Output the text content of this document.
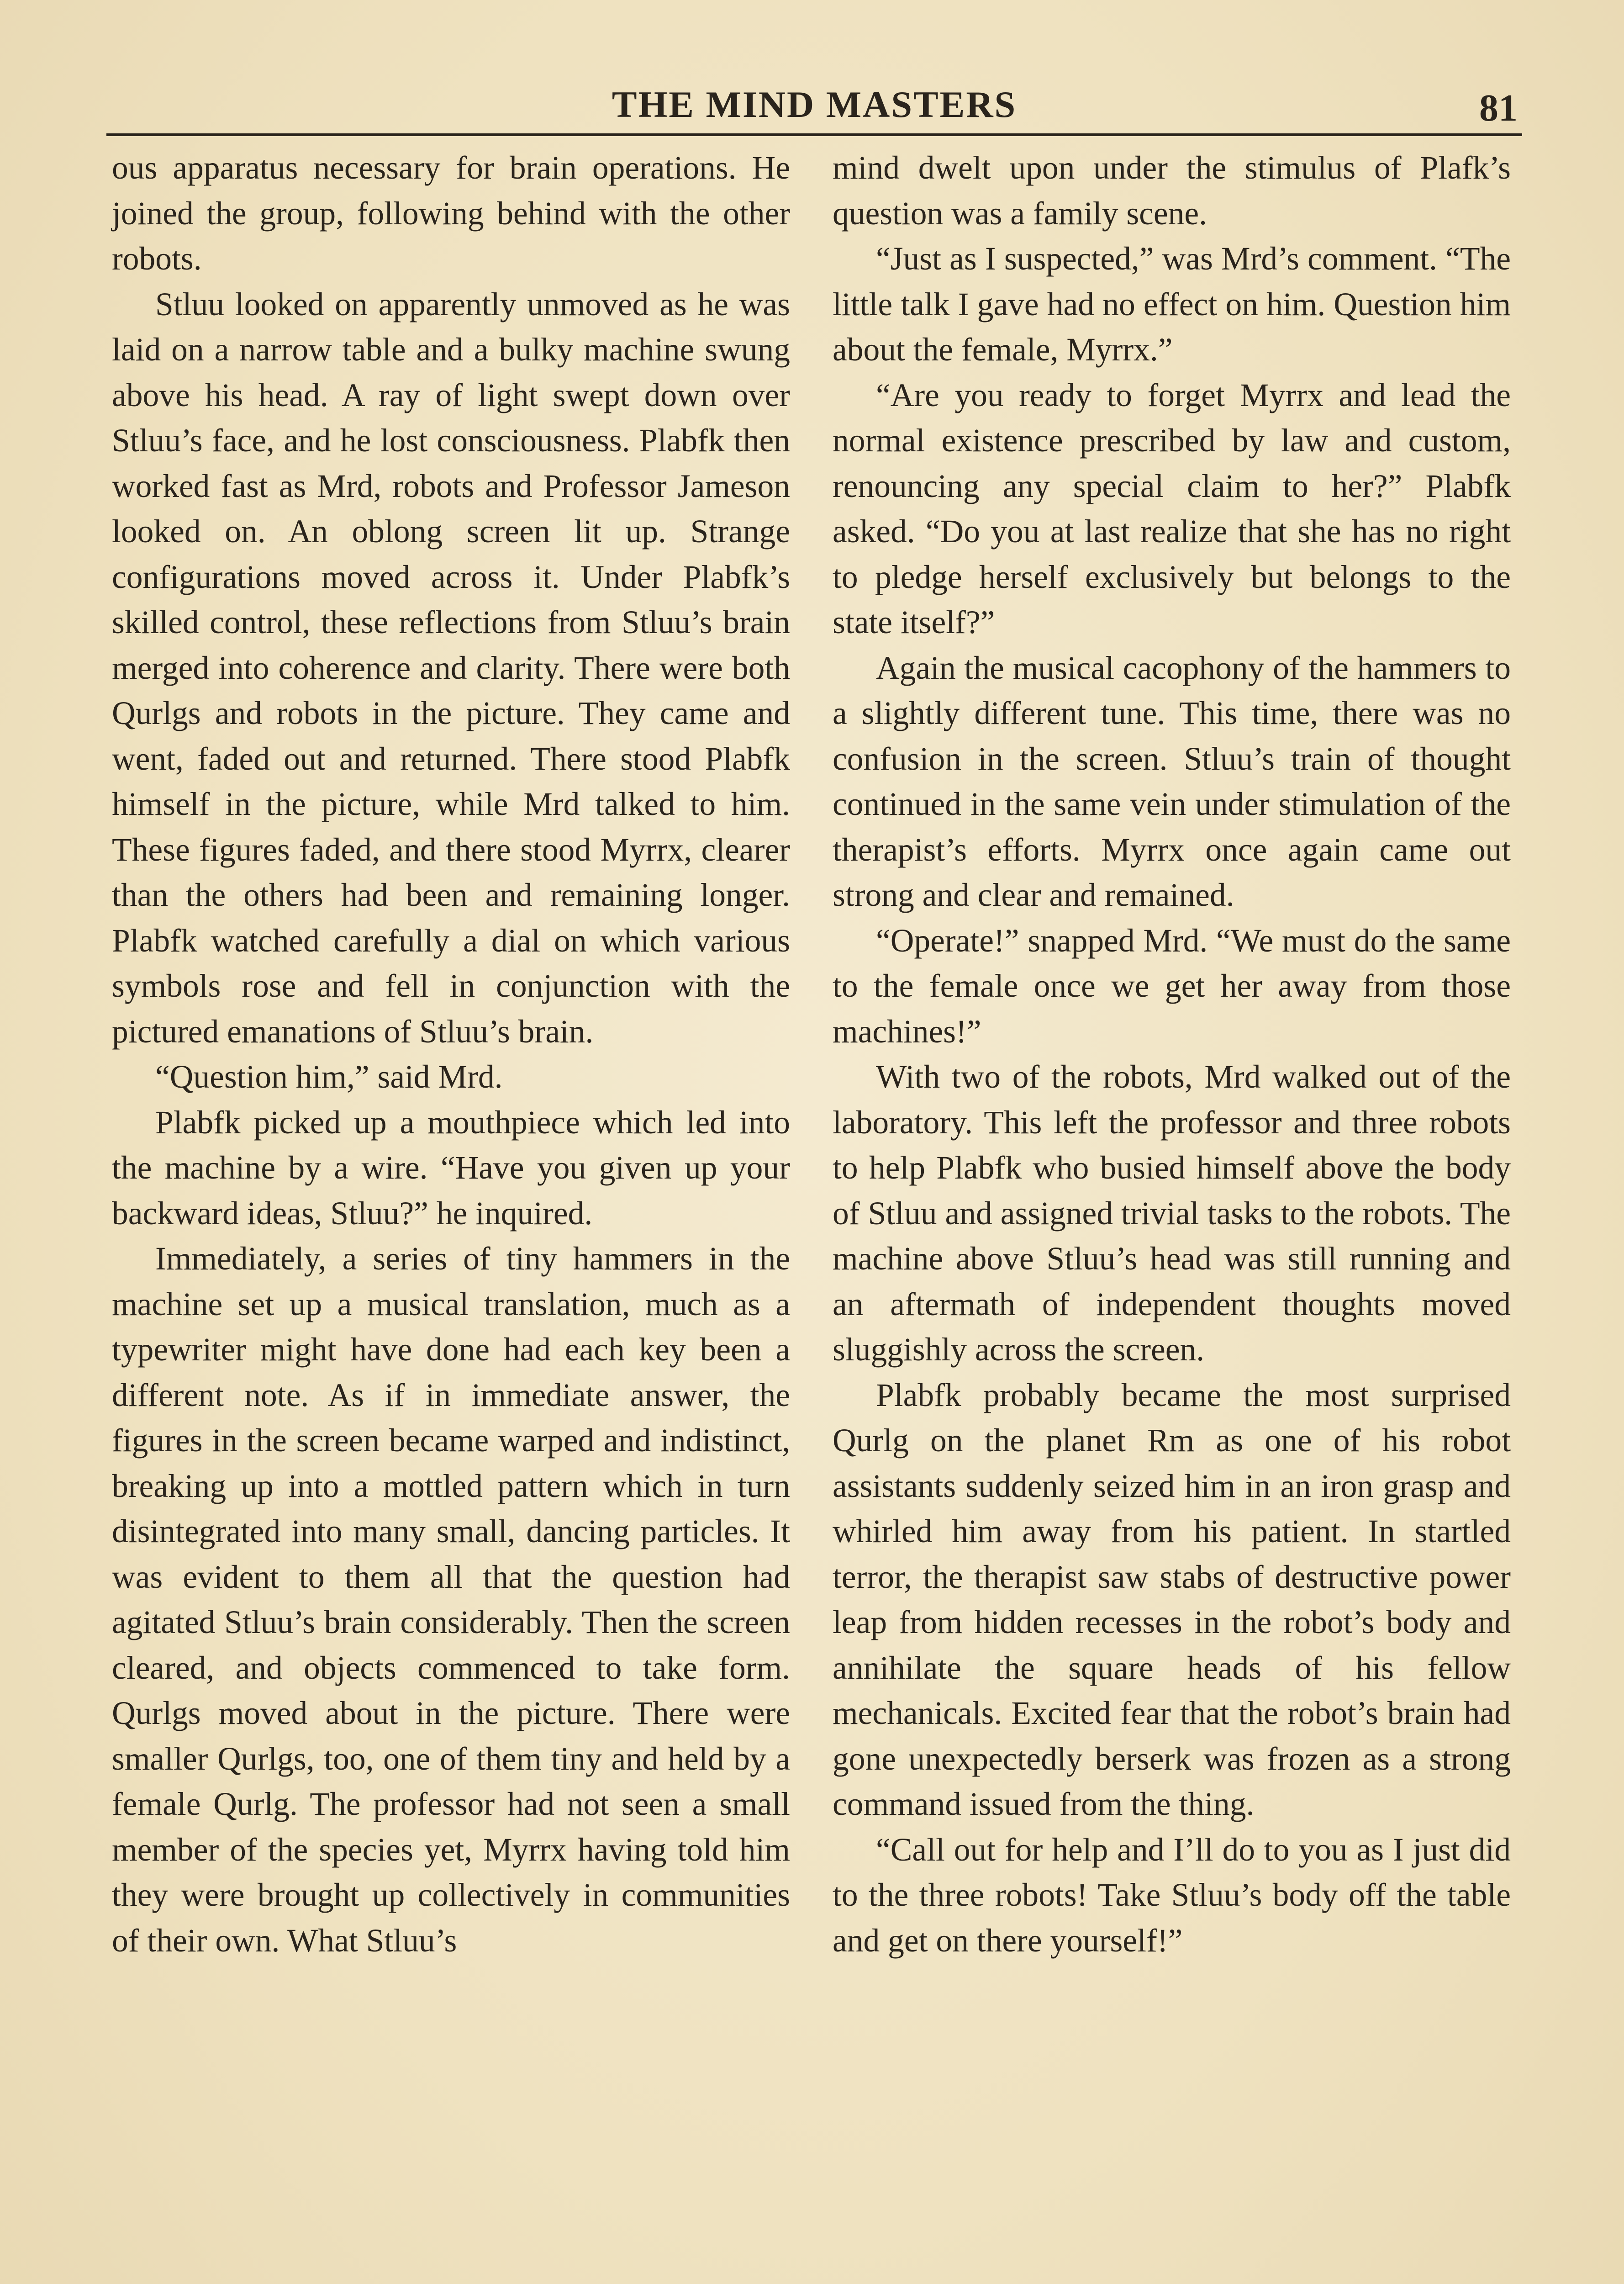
THE MIND MASTERS	81

ous apparatus necessary for brain operations. He joined the group, following behind with the other robots.

Stluu looked on apparently unmoved as he was laid on a narrow table and a bulky machine swung above his head. A ray of light swept down over Stluu’s face, and he lost consciousness. Plabfk then worked fast as Mrd, robots and Professor Jameson looked on. An oblong screen lit up. Strange configurations moved across it. Under Plabfk’s skilled control, these reflections from Stluu’s brain merged into coherence and clarity. There were both Qurlgs and robots in the picture. They came and went, faded out and returned. There stood Plabfk himself in the picture, while Mrd talked to him. These figures faded, and there stood Myrrx, clearer than the others had been and remaining longer. Plabfk watched carefully a dial on which various symbols rose and fell in conjunction with the pictured emanations of Stluu’s brain.

“Question him,” said Mrd.

Plabfk picked up a mouthpiece which led into the machine by a wire. “Have you given up your backward ideas, Stluu?” he inquired.

Immediately, a series of tiny hammers in the machine set up a musical translation, much as a typewriter might have done had each key been a different note. As if in immediate answer, the figures in the screen became warped and indistinct, breaking up into a mottled pattern which in turn disintegrated into many small, dancing particles. It was evident to them all that the question had agitated Stluu’s brain considerably. Then the screen cleared, and objects commenced to take form. Qurlgs moved about in the picture. There were smaller Qurlgs, too, one of them tiny and held by a female Qurlg. The professor had not seen a small member of the species yet, Myrrx having told him they were brought up collectively in communities of their own. What Stluu’s

mind dwelt upon under the stimulus of Plafk’s question was a family scene.

“Just as I suspected,” was Mrd’s comment. “The little talk I gave had no effect on him. Question him about the female, Myrrx.”

“Are you ready to forget Myrrx and lead the normal existence prescribed by law and custom, renouncing any special claim to her?” Plabfk asked. “Do you at last realize that she has no right to pledge herself exclusively but belongs to the state itself?”

Again the musical cacophony of the hammers to a slightly different tune. This time, there was no confusion in the screen. Stluu’s train of thought continued in the same vein under stimulation of the therapist’s efforts. Myrrx once again came out strong and clear and remained.

“Operate!” snapped Mrd. “We must do the same to the female once we get her away from those machines!”

With two of the robots, Mrd walked out of the laboratory. This left the professor and three robots to help Plabfk who busied himself above the body of Stluu and assigned trivial tasks to the robots. The machine above Stluu’s head was still running and an aftermath of independent thoughts moved sluggishly across the screen.

Plabfk probably became the most surprised Qurlg on the planet Rm as one of his robot assistants suddenly seized him in an iron grasp and whirled him away from his patient. In startled terror, the therapist saw stabs of destructive power leap from hidden recesses in the robot’s body and annihilate the square heads of his fellow mechanicals. Excited fear that the robot’s brain had gone unexpectedly berserk was frozen as a strong command issued from the thing.

“Call out for help and I’ll do to you as I just did to the three robots! Take Stluu’s body off the table and get on there yourself!”
